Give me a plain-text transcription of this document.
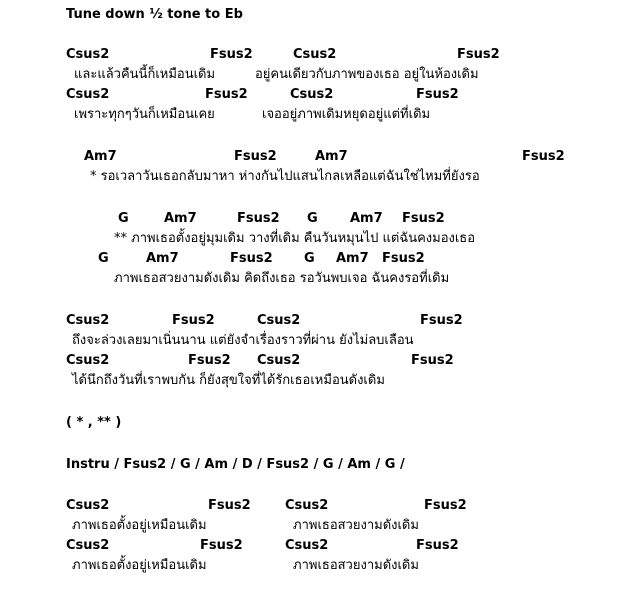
Tune down ½ tone to Eb
Csus2	Fsus2	Csus2	Fsus2
และแล้วคืนนี้ก็เหมือนเดิม	อยู่คนเดียวกับภาพของเธอ อยู่ในห้องเดิม
Csus2	Fsus2	Csus2	Fsus2
เพราะทุกๆวันก็เหมือนเคย	เจออยู่ภาพเดิมหยุดอยู่แต่ที่เดิม
Am7	Fsus2	Am7	Fsus2
* รอเวลาวันเธอกลับมาหา ห่างกันไปแสนไกลเหลือแต่ฉันใช่ไหมที่ยังรอ
G	Am7	Fsus2 G Am7 Fsus2
** ภาพเธอตั้งอยู่มุมเดิม วางที่เดิม คืนวันหมุนไป แต่ฉันคงมองเธอ
G	Am7	Fsus2 G Am7 Fsus2
ภาพเธอสวยงามดังเดิม คิดถึงเธอ รอวันพบเจอ ฉันคงรอที่เดิม
Csus2	Fsus2	Csus2	Fsus2
ถึงจะล่วงเลยมาเนิ่นนาน แต่ยังจำเรื่องราวที่ผ่าน ยังไม่ลบเลือน
Csus2	Fsus2 Csus2	Fsus2
ได้นึกถึงวันที่เราพบกัน ก็ยังสุขใจที่ได้รักเธอเหมือนดังเดิม
( * , ** )
Instru / Fsus2 / G / Am / D / Fsus2 / G / Am / G /
Csus2	Fsus2	Csus2	Fsus2
ภาพเธอตั้งอยู่เหมือนเดิม	ภาพเธอสวยงามดังเดิม
Csus2	Fsus2	Csus2	Fsus2
ภาพเธอตั้งอยู่เหมือนเดิม	ภาพเธอสวยงามดังเดิม
